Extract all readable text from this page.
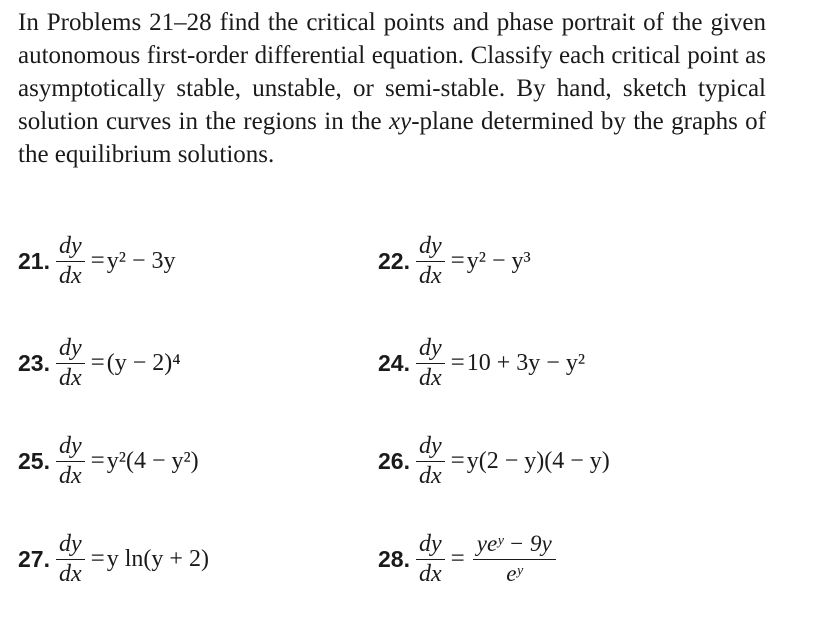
In Problems 21–28 find the critical points and phase portrait of the given autonomous first-order differential equation. Classify each critical point as asymptotically stable, unstable, or semi-stable. By hand, sketch typical solution curves in the regions in the xy-plane determined by the graphs of the equilibrium solutions.

21. $\frac{dy}{dx} = y^2 - 3y$	22. $\frac{dy}{dx} = y^2 - y^3$
23. $\frac{dy}{dx} = (y - 2)^4$	24. $\frac{dy}{dx} = 10 + 3y - y^2$
25. $\frac{dy}{dx} = y^2(4 - y^2)$	26. $\frac{dy}{dx} = y(2 - y)(4 - y)$
27. $\frac{dy}{dx} = y$ ln(y + 2)	28. $\frac{dy}{dx} = \frac{\text{yeʸ − 9y}}{\text{eʸ}}$
